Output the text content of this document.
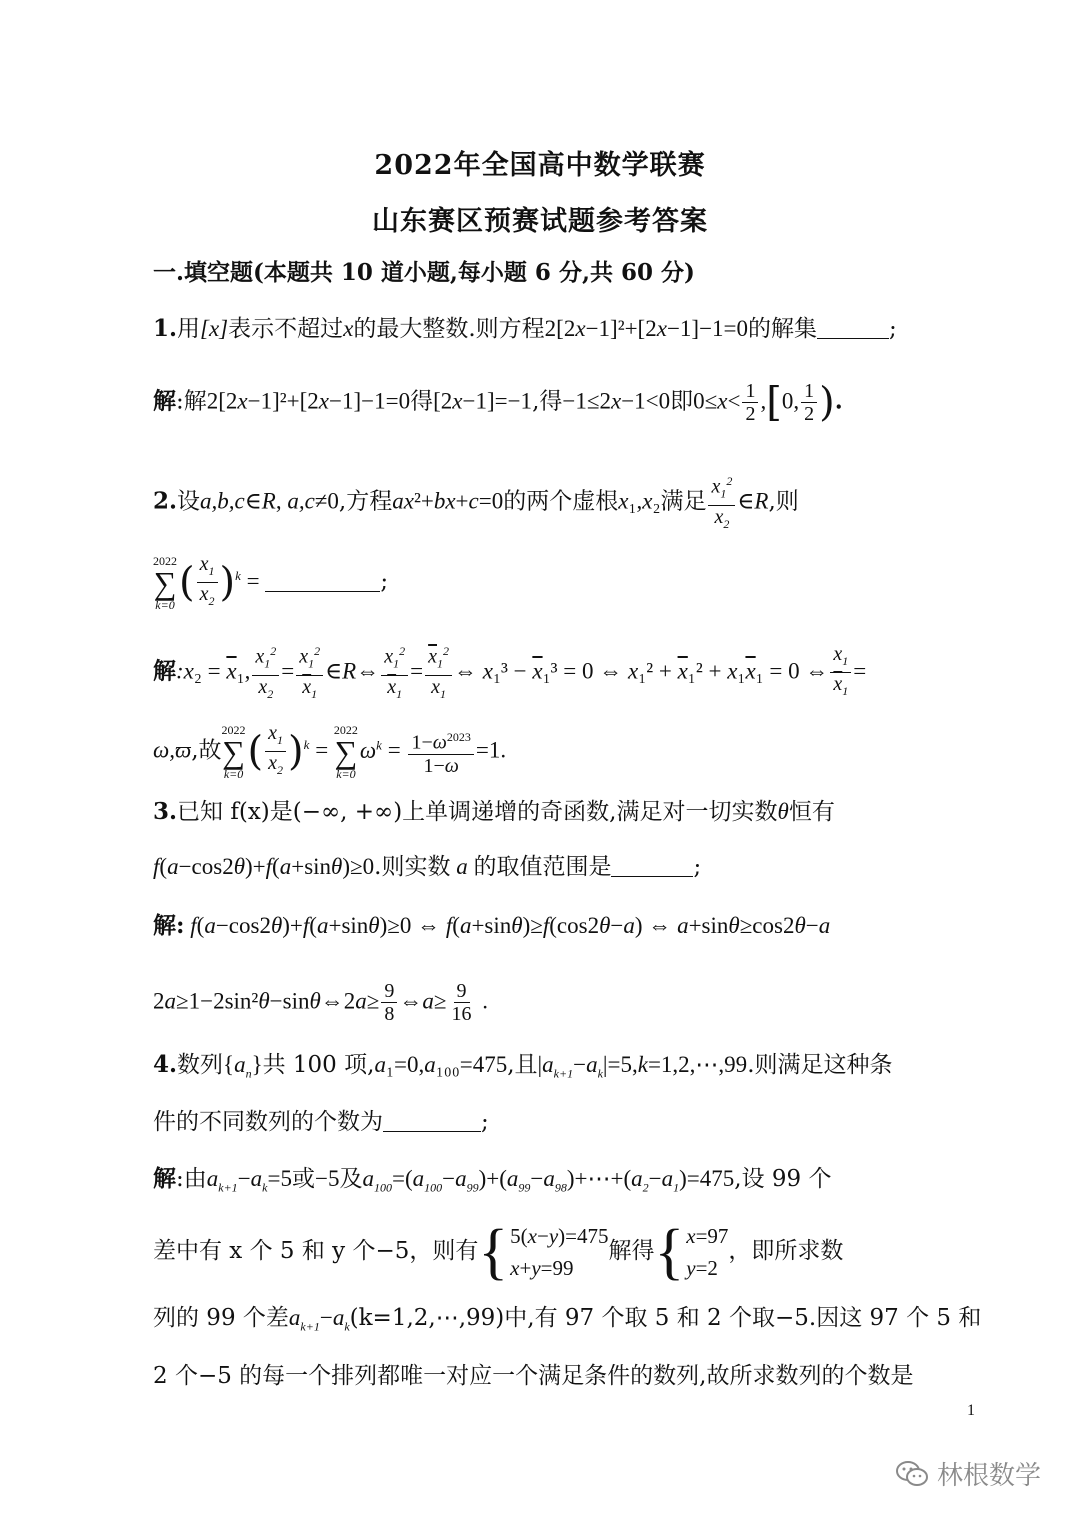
2022年全国高中数学联赛
山东赛区预赛试题参考答案
一.填空题(本题共 10 道小题,每小题 6 分,共 60 分)
1.用[x]表示不超过x的最大整数.则方程2[2x−1]²+[2x−1]−1=0的解集	;
解:解2[2x−1]²+[2x−1]−1=0得[2x−1]=−1,得−1≤2x−1<0即$0\le x< \frac{1}{2} ,[0$, $\frac{1}{2}$ ).
2.设a,b,c∈R, a,c≠0,方程ax²+bx+c=0的两个虚根x₁,x₂满足 $\frac{x_1^2}{x_2}$ ∈R,则
2022
∑
k=0 ( $\frac{x_1}{x_2} )^k$ =	;
解:x₂ = $\overline{x}_1$, $\frac{x_1^2}{x_2} = \frac{x_1^2}{\overline{x}_1}$ ∈R⇔ $\frac{x_1^2}{\overline{x}_1} = \frac{\overline{x}_1^2}{x_1}$ ⇔ $x_1^3 - \overline{x}_1^3 = 0$ ⇔ $x_1^2 + \overline{x}_1^2 + x_1\overline{x}_1 = 0$ ⇔ $\frac{x_1}{\overline{x}_1}$ =
ω,ϖ,故
2022
∑
k=0 ( $\frac{x_1}{x_2} )^k$ =
2022
∑
k=0
$\omega^k = \frac{1-\omega^{2023}}{1-\omega} =1$.
3.已知 f(x)是(−∞, +∞)上单调递增的奇函数,满足对一切实数θ恒有
f(a−cos2θ)+f(a+sinθ)≥0.则实数 a 的取值范围是	;
解: f(a−cos2θ)+f(a+sinθ)≥0 ⇔ f(a+sinθ)≥f(cos2θ−a) ⇔ a+sinθ≥cos2θ−a
2a≥1−2sin²θ−sinθ⇔2a≥ $\frac{9}{8}$ ⇔a≥ $\frac{9}{16}$ .
4.数列$\{a_n\}$共 100 项,a₁=0,a₁₀₀=475,且$|a_{k+1}-a_k|=5,k=1,2,\cdots,99$.则满足这种条
件的不同数列的个数为	;
解:由$a_{k+1}-a_k=5$或−5及$a_{100}=(a_{100}-a_{99})+(a_{99}-a_{98})+\cdots+(a_2-a_1)=475$,设 99 个
差中有 x 个 5 和 y 个−5，则有 { 5(x−y)=475
x+y=99
解得 { x=97
y=2
，即所求数
列的 99 个差$a_{k+1}-a_k(k=1,2,\cdots,99)$中,有 97 个取 5 和 2 个取−5.因这 97 个 5 和
2 个−5 的每一个排列都唯一对应一个满足条件的数列,故所求数列的个数是
1
林根数学
